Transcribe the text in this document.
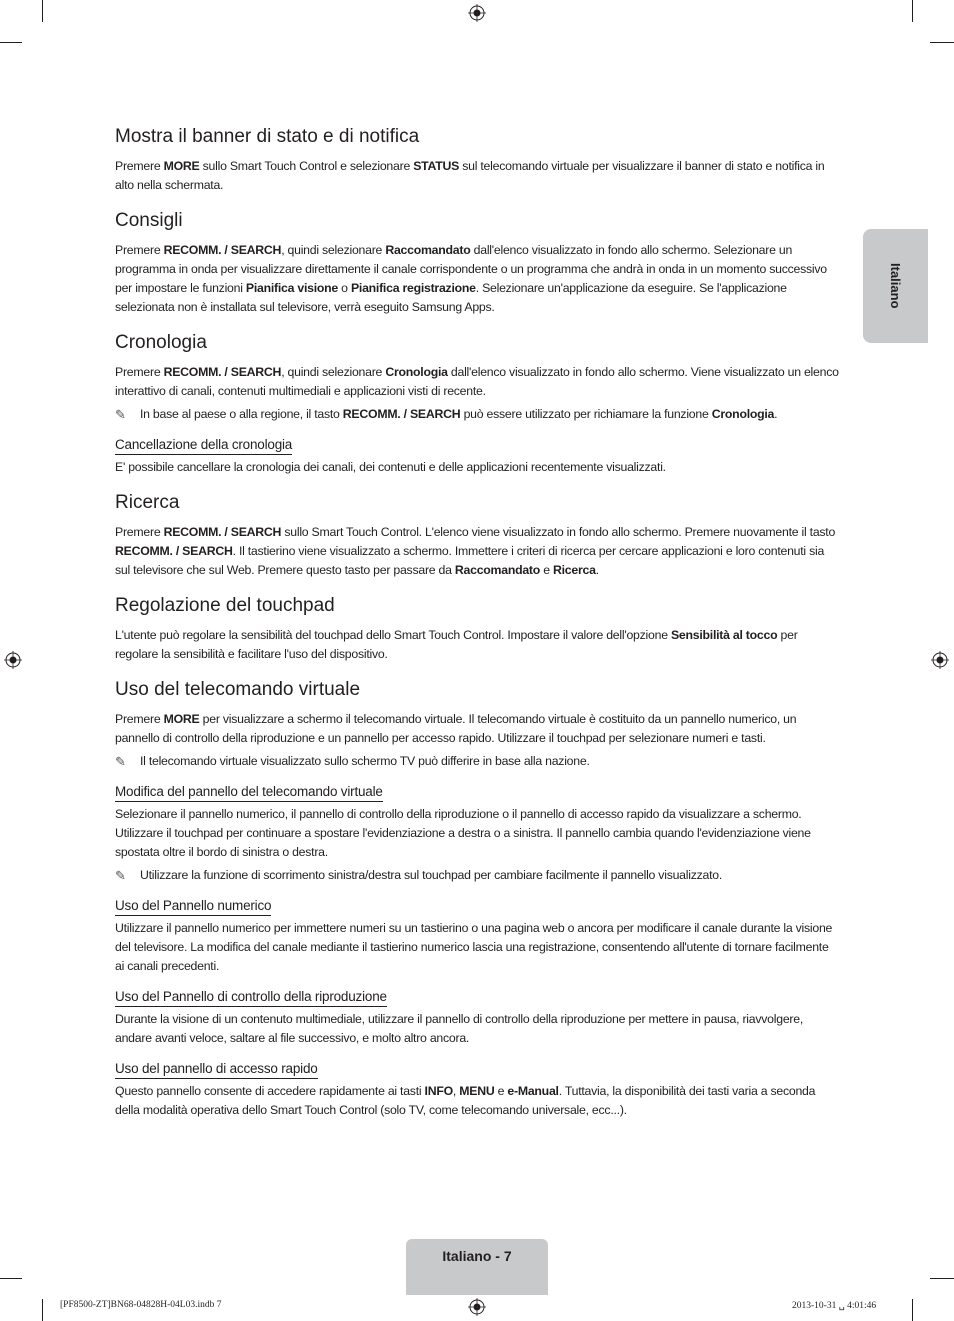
Italiano
Mostra il banner di stato e di notifica

Premere MORE sullo Smart Touch Control e selezionare STATUS sul telecomando virtuale per visualizzare il banner di stato e notifica in alto nella schermata.

Consigli

Premere RECOMM. / SEARCH, quindi selezionare Raccomandato dall'elenco visualizzato in fondo allo schermo. Selezionare un programma in onda per visualizzare direttamente il canale corrispondente o un programma che andrà in onda in un momento successivo per impostare le funzioni Pianifica visione o Pianifica registrazione. Selezionare un'applicazione da eseguire. Se l'applicazione selezionata non è installata sul televisore, verrà eseguito Samsung Apps.

Cronologia

Premere RECOMM. / SEARCH, quindi selezionare Cronologia dall'elenco visualizzato in fondo allo schermo. Viene visualizzato un elenco interattivo di canali, contenuti multimediali e applicazioni visti di recente.

✎	In base al paese o alla regione, il tasto RECOMM. / SEARCH può essere utilizzato per richiamare la funzione Cronologia.

Cancellazione della cronologia

E' possibile cancellare la cronologia dei canali, dei contenuti e delle applicazioni recentemente visualizzati.

Ricerca

Premere RECOMM. / SEARCH sullo Smart Touch Control. L'elenco viene visualizzato in fondo allo schermo. Premere nuovamente il tasto RECOMM. / SEARCH. Il tastierino viene visualizzato a schermo. Immettere i criteri di ricerca per cercare applicazioni e loro contenuti sia sul televisore che sul Web. Premere questo tasto per passare da Raccomandato e Ricerca.

Regolazione del touchpad

L'utente può regolare la sensibilità del touchpad dello Smart Touch Control. Impostare il valore dell'opzione Sensibilità al tocco per regolare la sensibilità e facilitare l'uso del dispositivo.

Uso del telecomando virtuale

Premere MORE per visualizzare a schermo il telecomando virtuale. Il telecomando virtuale è costituito da un pannello numerico, un pannello di controllo della riproduzione e un pannello per accesso rapido. Utilizzare il touchpad per selezionare numeri e tasti.

✎	Il telecomando virtuale visualizzato sullo schermo TV può differire in base alla nazione.

Modifica del pannello del telecomando virtuale

Selezionare il pannello numerico, il pannello di controllo della riproduzione o il pannello di accesso rapido da visualizzare a schermo.

Utilizzare il touchpad per continuare a spostare l'evidenziazione a destra o a sinistra. Il pannello cambia quando l'evidenziazione viene spostata oltre il bordo di sinistra o destra.

✎	Utilizzare la funzione di scorrimento sinistra/destra sul touchpad per cambiare facilmente il pannello visualizzato.

Uso del Pannello numerico

Utilizzare il pannello numerico per immettere numeri su un tastierino o una pagina web o ancora per modificare il canale durante la visione del televisore. La modifica del canale mediante il tastierino numerico lascia una registrazione, consentendo all'utente di tornare facilmente ai canali precedenti.

Uso del Pannello di controllo della riproduzione

Durante la visione di un contenuto multimediale, utilizzare il pannello di controllo della riproduzione per mettere in pausa, riavvolgere, andare avanti veloce, saltare al file successivo, e molto altro ancora.

Uso del pannello di accesso rapido

Questo pannello consente di accedere rapidamente ai tasti INFO, MENU e e-Manual. Tuttavia, la disponibilità dei tasti varia a seconda della modalità operativa dello Smart Touch Control (solo TV, come telecomando universale, ecc...).

Italiano - 7
[PF8500-ZT]BN68-04828H-04L03.indb 7	2013-10-31 ␣ 4:01:46
